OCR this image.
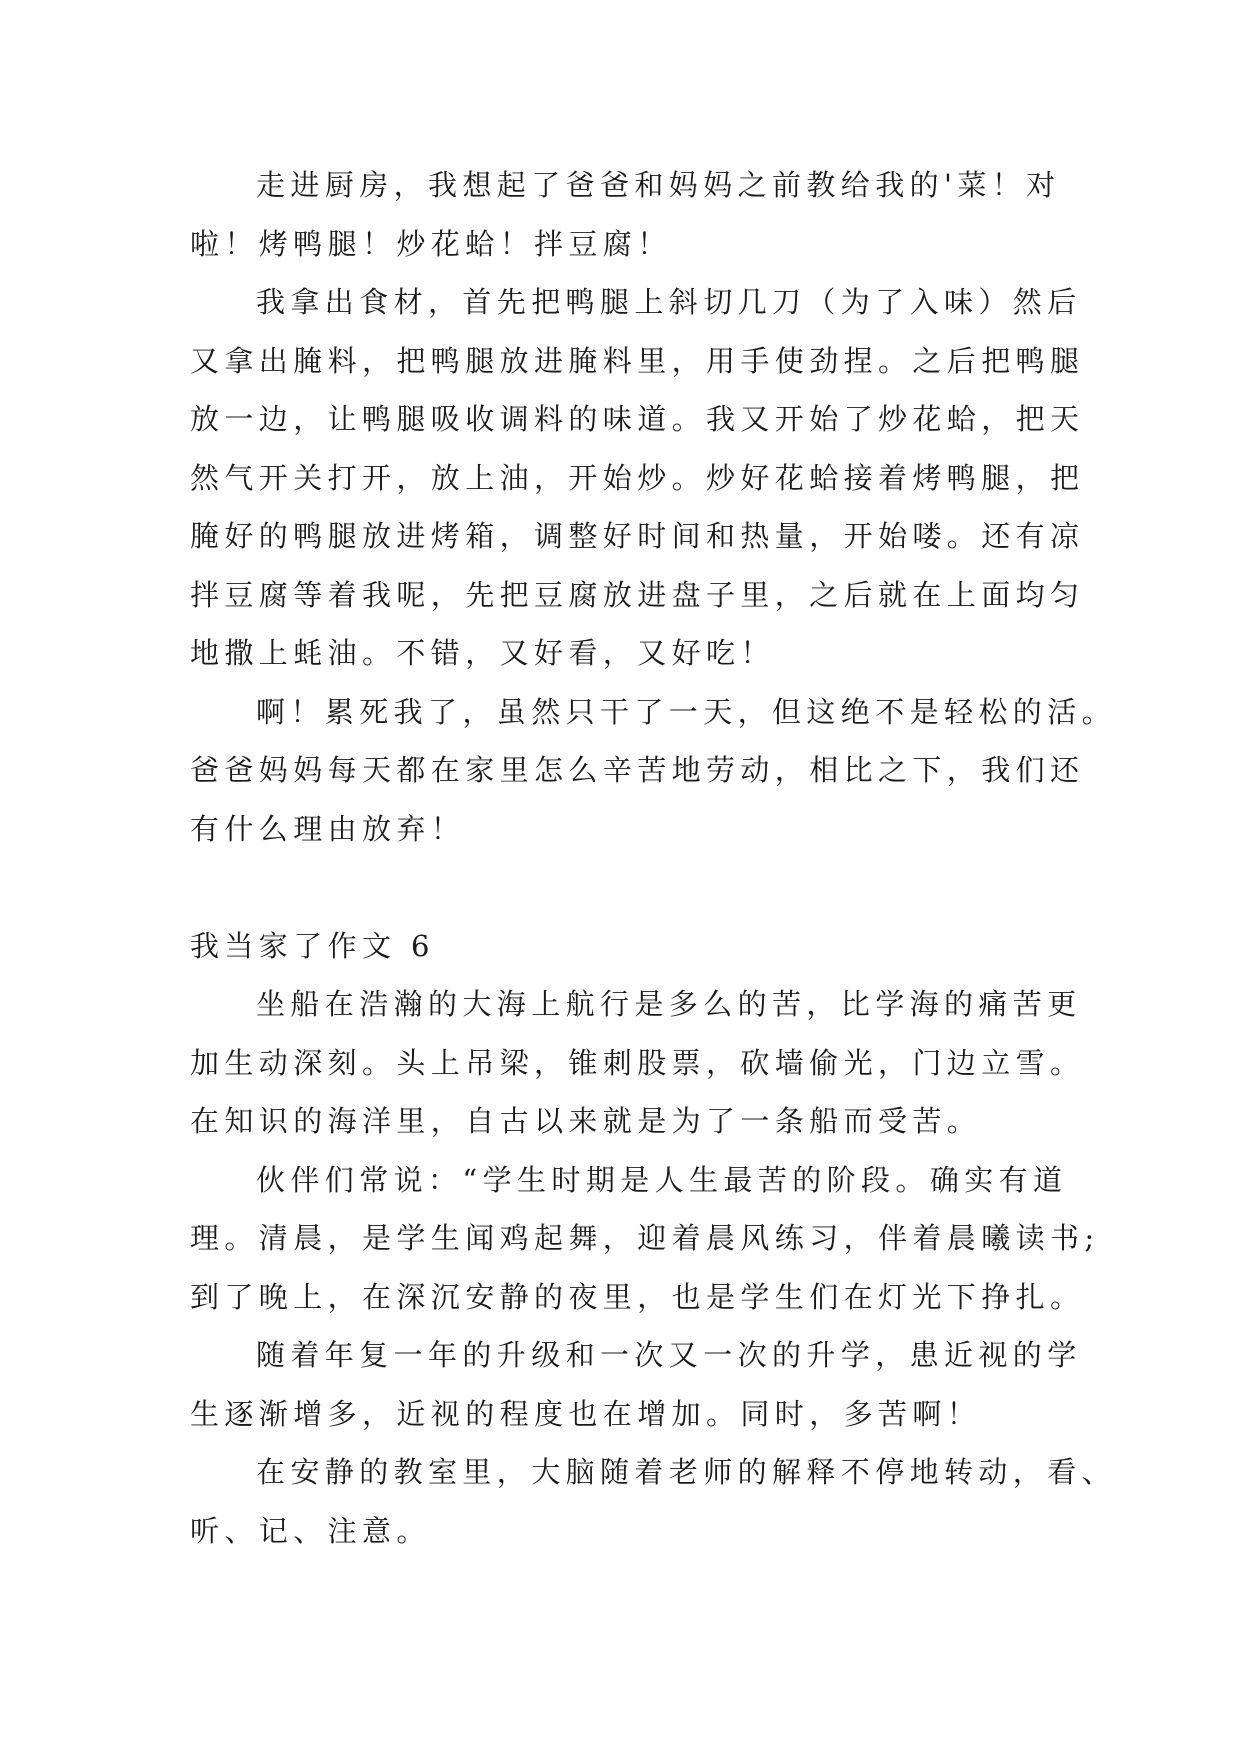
走进厨房，我想起了爸爸和妈妈之前教给我的'菜！对
啦！烤鸭腿！炒花蛤！拌豆腐！
我拿出食材，首先把鸭腿上斜切几刀（为了入味）然后
又拿出腌料，把鸭腿放进腌料里，用手使劲捏。之后把鸭腿
放一边，让鸭腿吸收调料的味道。我又开始了炒花蛤，把天
然气开关打开，放上油，开始炒。炒好花蛤接着烤鸭腿，把
腌好的鸭腿放进烤箱，调整好时间和热量，开始喽。还有凉
拌豆腐等着我呢，先把豆腐放进盘子里，之后就在上面均匀
地撒上蚝油。不错，又好看，又好吃！
啊！累死我了，虽然只干了一天，但这绝不是轻松的活。
爸爸妈妈每天都在家里怎么辛苦地劳动，相比之下，我们还
有什么理由放弃！
我当家了作文 6
坐船在浩瀚的大海上航行是多么的苦，比学海的痛苦更
加生动深刻。头上吊梁，锥刺股票，砍墙偷光，门边立雪。
在知识的海洋里，自古以来就是为了一条船而受苦。
伙伴们常说：“学生时期是人生最苦的阶段。确实有道
理。清晨，是学生闻鸡起舞，迎着晨风练习，伴着晨曦读书;
到了晚上，在深沉安静的夜里，也是学生们在灯光下挣扎。
随着年复一年的升级和一次又一次的升学，患近视的学
生逐渐增多，近视的程度也在增加。同时，多苦啊！
在安静的教室里，大脑随着老师的解释不停地转动，看、
听、记、注意。
